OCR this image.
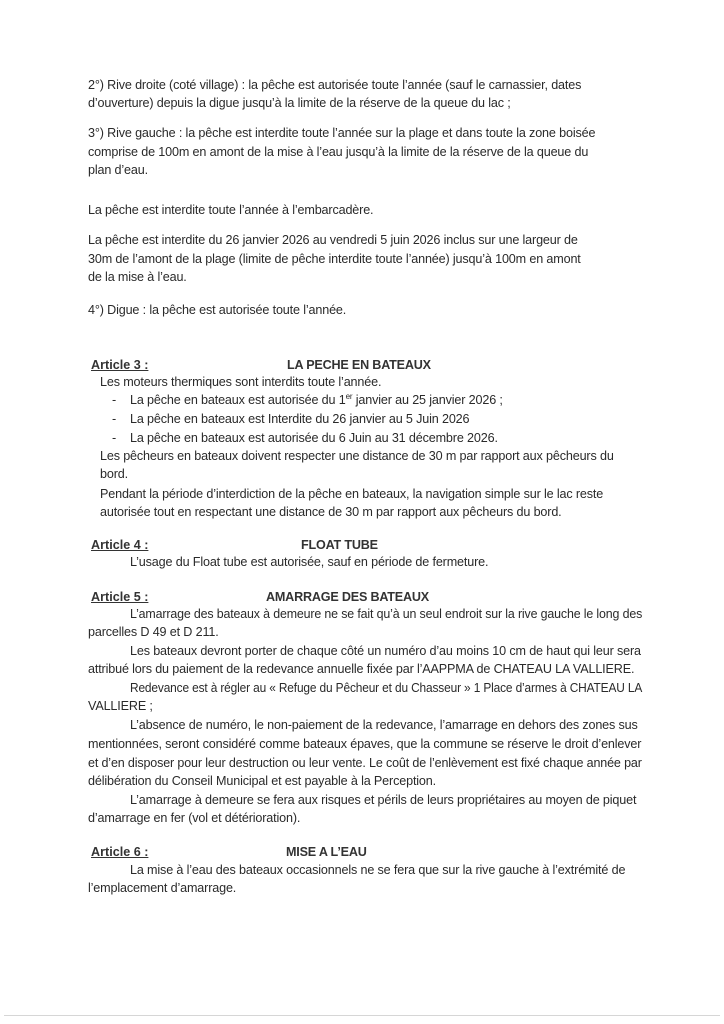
2°) Rive droite (coté village) : la pêche est autorisée toute l’année (sauf le carnassier, dates
d’ouverture) depuis la digue jusqu’à la limite de la réserve de la queue du lac ;
3°) Rive gauche : la pêche est interdite toute l’année sur la plage et dans toute la zone boisée
comprise de 100m en amont de la mise à l’eau jusqu’à la limite de la réserve de la queue du
plan d’eau.
La pêche est interdite toute l’année à l’embarcadère.
La pêche est interdite du 26 janvier 2026 au vendredi 5 juin 2026 inclus sur une largeur de
30m de l’amont de la plage (limite de pêche interdite toute l’année) jusqu’à 100m en amont
de la mise à l’eau.
4°) Digue : la pêche est autorisée toute l’année.
Article 3 :	LA PECHE EN BATEAUX
Les moteurs thermiques sont interdits toute l’année.
- La pêche en bateaux est autorisée du 1er janvier au 25 janvier 2026 ;
- La pêche en bateaux est Interdite du 26 janvier au 5 Juin 2026
- La pêche en bateaux est autorisée du 6 Juin au 31 décembre 2026.
Les pêcheurs en bateaux doivent respecter une distance de 30 m par rapport aux pêcheurs du
bord.
Pendant la période d’interdiction de la pêche en bateaux, la navigation simple sur le lac reste
autorisée tout en respectant une distance de 30 m par rapport aux pêcheurs du bord.
Article 4 :	FLOAT TUBE
L’usage du Float tube est autorisée, sauf en période de fermeture.
Article 5 :	AMARRAGE DES BATEAUX
L’amarrage des bateaux à demeure ne se fait qu’à un seul endroit sur la rive gauche le long des
parcelles D 49 et D 211.
Les bateaux devront porter de chaque côté un numéro d’au moins 10 cm de haut qui leur sera
attribué lors du paiement de la redevance annuelle fixée par l’AAPPMA de CHATEAU LA VALLIERE.
Redevance est à régler au « Refuge du Pêcheur et du Chasseur » 1 Place d’armes à CHATEAU LA
VALLIERE ;
L’absence de numéro, le non-paiement de la redevance, l’amarrage en dehors des zones sus
mentionnées, seront considéré comme bateaux épaves, que la commune se réserve le droit d’enlever
et d’en disposer pour leur destruction ou leur vente. Le coût de l’enlèvement est fixé chaque année par
délibération du Conseil Municipal et est payable à la Perception.
L’amarrage à demeure se fera aux risques et périls de leurs propriétaires au moyen de piquet
d’amarrage en fer (vol et détérioration).
Article 6 :	MISE A L’EAU
La mise à l’eau des bateaux occasionnels ne se fera que sur la rive gauche à l’extrémité de
l’emplacement d’amarrage.
